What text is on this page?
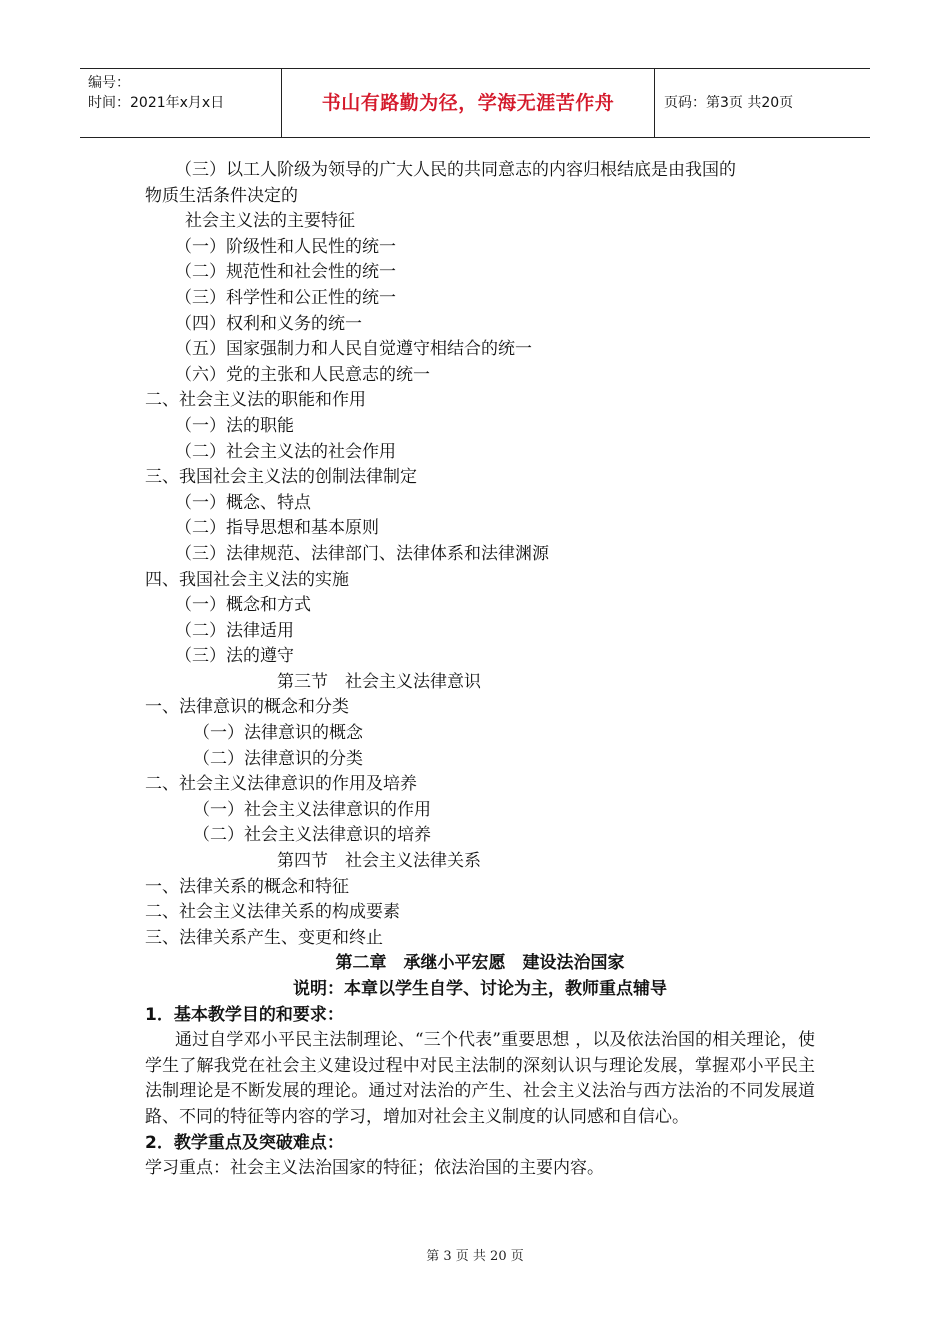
编号：
时间：2021年x月x日	书山有路勤为径，学海无涯苦作舟	页码：第3页 共20页
（三）以工人阶级为领导的广大人民的共同意志的内容归根结底是由我国的
物质生活条件决定的
社会主义法的主要特征
（一）阶级性和人民性的统一
（二）规范性和社会性的统一
（三）科学性和公正性的统一
（四）权利和义务的统一
（五）国家强制力和人民自觉遵守相结合的统一
（六）党的主张和人民意志的统一
二、社会主义法的职能和作用
（一）法的职能
（二）社会主义法的社会作用
三、我国社会主义法的创制法律制定
（一）概念、特点
（二）指导思想和基本原则
（三）法律规范、法律部门、法律体系和法律渊源
四、我国社会主义法的实施
（一）概念和方式
（二）法律适用
（三）法的遵守
第三节　社会主义法律意识
一、法律意识的概念和分类
（一）法律意识的概念
（二）法律意识的分类
二、社会主义法律意识的作用及培养
（一）社会主义法律意识的作用
（二）社会主义法律意识的培养
第四节　社会主义法律关系
一、法律关系的概念和特征
二、社会主义法律关系的构成要素
三、法律关系产生、变更和终止
第二章　承继小平宏愿　建设法治国家
说明：本章以学生自学、讨论为主，教师重点辅导
1．基本教学目的和要求：
通过自学邓小平民主法制理论、“三个代表”重要思想 ，以及依法治国的相关理论，使学生了解我党在社会主义建设过程中对民主法制的深刻认识与理论发展，掌握邓小平民主法制理论是不断发展的理论。通过对法治的产生、社会主义法治与西方法治的不同发展道路、不同的特征等内容的学习，增加对社会主义制度的认同感和自信心。
2．教学重点及突破难点：
学习重点：社会主义法治国家的特征；依法治国的主要内容。
第 3 页 共 20 页
